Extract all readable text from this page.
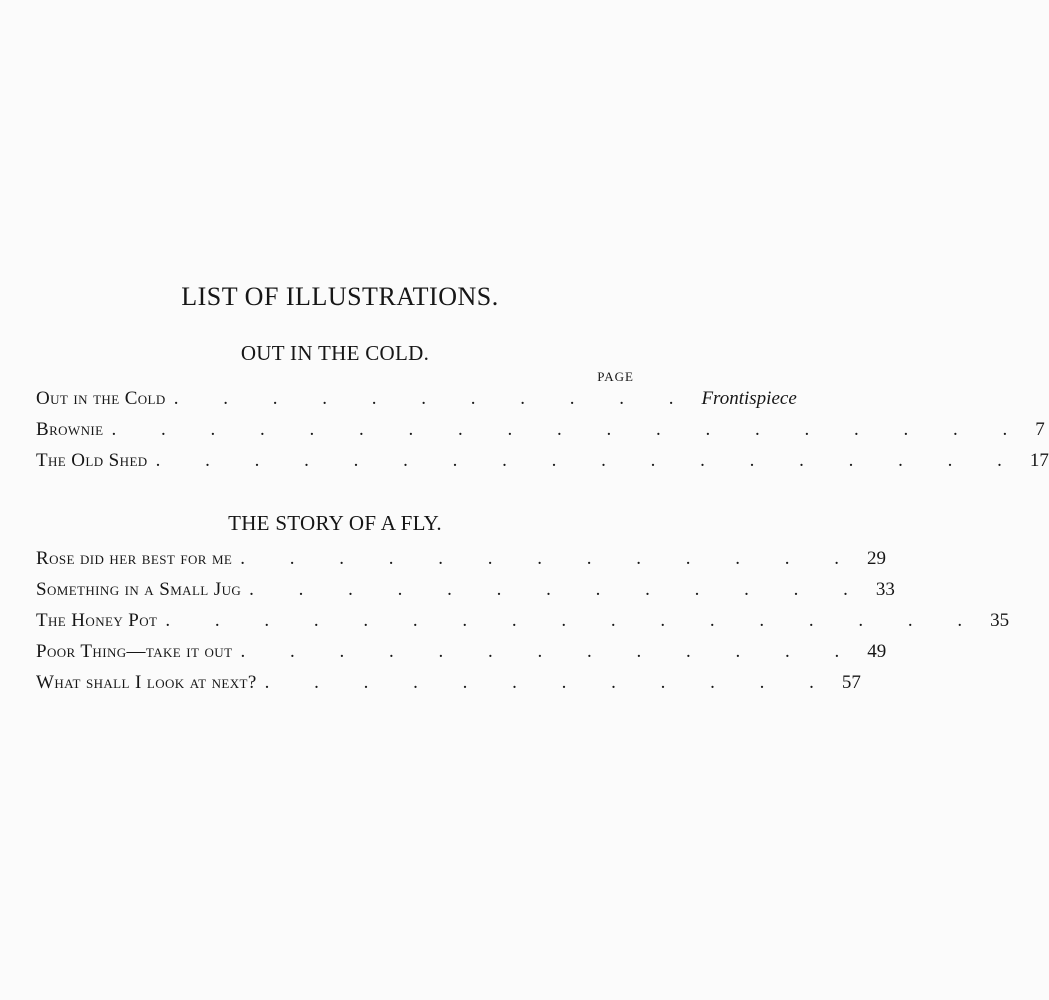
LIST OF ILLUSTRATIONS.
OUT IN THE COLD.
PAGE
Out in the Cold . . . . . . . . . . . Frontispiece
Brownie . . . . . . . . . . . . . . . . . . . 7
The Old Shed . . . . . . . . . . . . . . . . . . 17
THE STORY OF A FLY.
Rose did her best for me . . . . . . . . . . . . . 29
Something in a Small Jug . . . . . . . . . . . . . 33
The Honey Pot . . . . . . . . . . . . . . . . . 35
Poor Thing—take it out . . . . . . . . . . . . . 49
What shall I look at next? . . . . . . . . . . . . 57
